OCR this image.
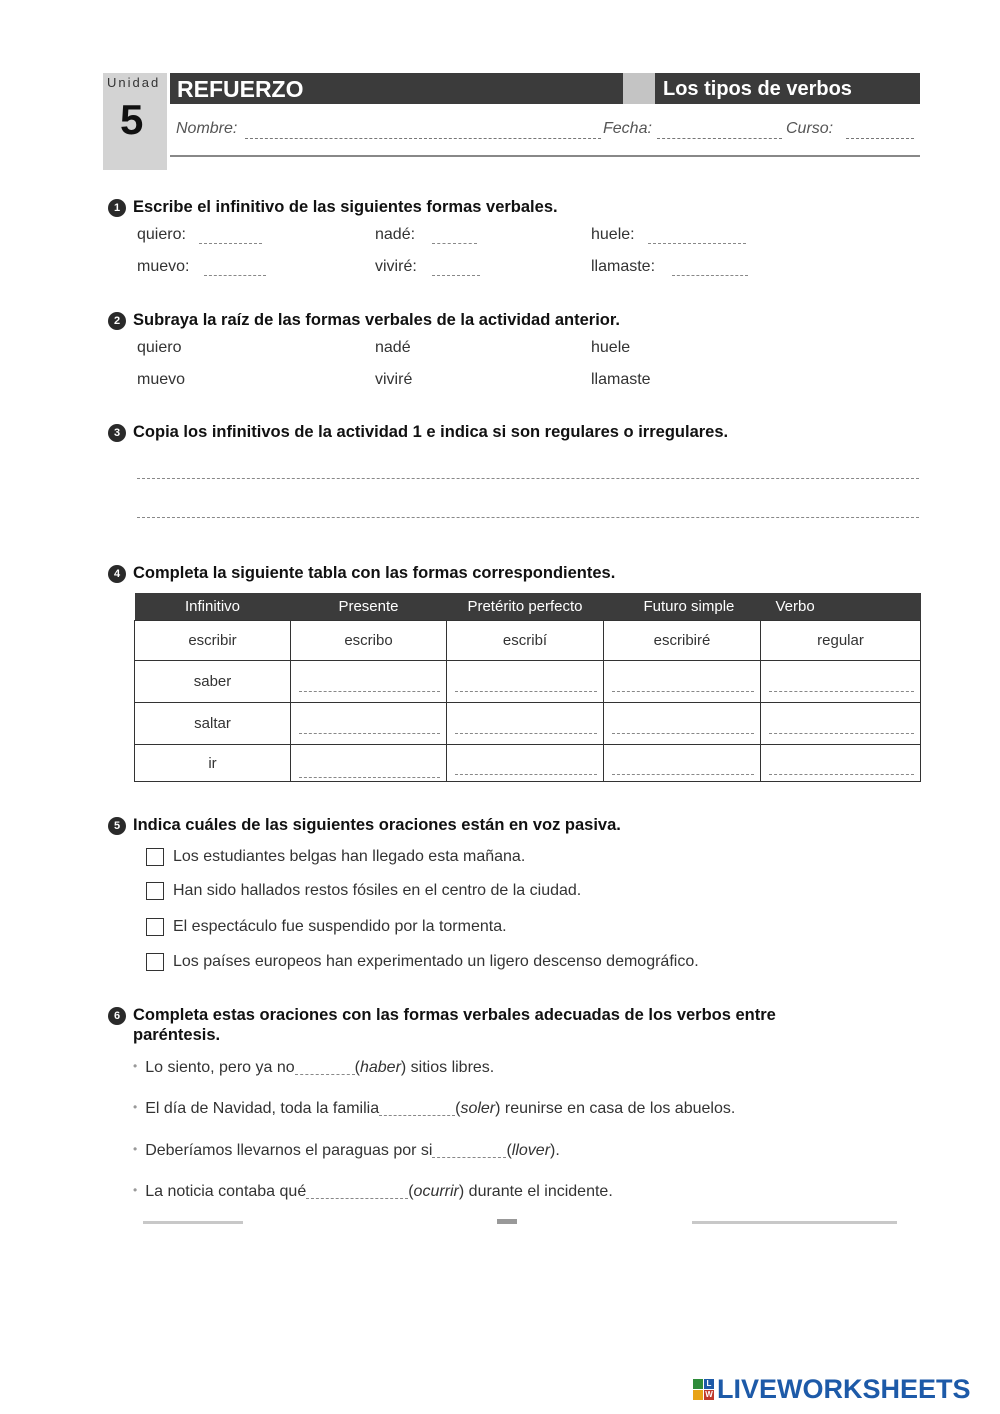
Unidad
5
REFUERZO	Los tipos de verbos
Nombre:	Fecha:	Curso:
1 Escribe el infinitivo de las siguientes formas verbales.
quiero:	nadé:	huele:
muevo:	viviré:	llamaste:
2 Subraya la raíz de las formas verbales de la actividad anterior.
quiero	nadé	huele
muevo	viviré	llamaste
3 Copia los infinitivos de la actividad 1 e indica si son regulares o irregulares.
4 Completa la siguiente tabla con las formas correspondientes.
Infinitivo	Presente	Pretérito perfecto	Futuro simple	Verbo
escribir	escribo	escribí	escribiré	regular
saber	

saltar	

ir	

5 Indica cuáles de las siguientes oraciones están en voz pasiva.
Los estudiantes belgas han llegado esta mañana.
Han sido hallados restos fósiles en el centro de la ciudad.
El espectáculo fue suspendido por la tormenta.
Los países europeos han experimentado un ligero descenso demográfico.
6 Completa estas oraciones con las formas verbales adecuadas de los verbos entre
paréntesis.
• Lo siento, pero ya no	(haber) sitios libres.
• El día de Navidad, toda la familia	(soler) reunirse en casa de los abuelos.
• Deberíamos llevarnos el paraguas por si	(llover).
• La noticia contaba qué	(ocurrir) durante el incidente.
L
W LIVEWORKSHEETS
